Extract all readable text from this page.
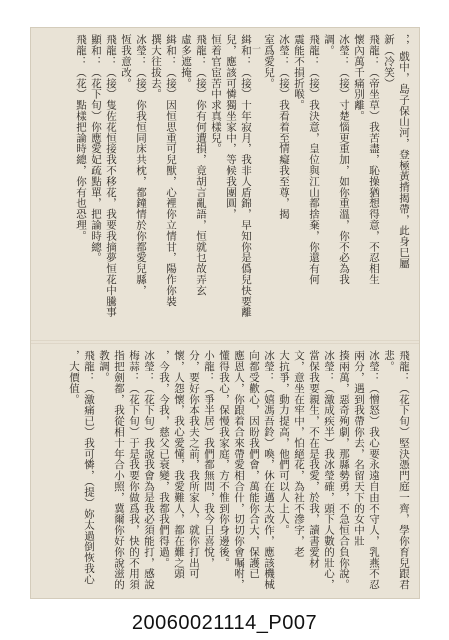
一	，，戲中，島子保山河，登極黃揹揭帶，此身巳屬
新（冷笑）
飛龍：（帝坐草）我苦盡，恥操猶想得意，不忍相生
懷內萬千痛別離。
冰瑩：（接）寸楚惱更重加，如你重溫，你不必為我
調。
飛龍：（接）我決意，皇位與江山都捨棄，你還有何
震能不損折喉。
冰瑩：（接）我看着至情癡我至尊，揭
室爲愛兒。
緝和：（接）十年寂月，我非人盾錦，早知你是僞兒快要離
兒，應該可憐獨坐家中，等候我團圓，
恒着官宦苦中求真樣兒。
飛龍：（接）你有何遭損，竟胡言亂語，恒就乜故弄玄
虛多遮掩。
緝和：（接）因恒思重可兒獸，心裡你立情甘，陽作你裝
撰大往拔去。
冰瑩：（接）你我恒同床共枕，都鐘情於你都愛兒縣，
恆我意改。
飛龍：（接）隻佐花恒接我不移花，我要我摘夢恒花中騰事
顯和：（花下旬）你應愛妃疏點單，把論時總。
飛龍：（花）點樣把論時總，你有也恐理。
飛龍：（花下旬）堅決憑門庭一齊，學你育兒跟君
悲。
冰瑩：（憎怒）我心要永遠自由不守人，乳燕不忍
兩分，遇到我帶你去，名留天下的女中壯
揍兩萬，惡奇殉劇，那縣勢勇，不急恒合負你說。
冰瑩：（激成疾半）我冰瑩確，頭下人數的壯心，
當保我要親生，不在是我愛，於我，讀書愛材
文，意坐在牢中，怕絕花，為社不滲字，老
大抗爭，動力提高，他們可以人上人。
冰瑩：（嬉馮吾鈴）喚，休在邁太改作，應該機械
向都受歡心，因盼我們會，萬能你合大，保護已
應恩人，你跟着合來帶愛相合什，切切你會嘱咐，
懂得我心，保慢我家庭，方不惟到你身邊後。
小龍：（爭半居）我們都無問，我今日喜悅，
分，要好你本我夫之前，我所家人，就你打出可
懷，人怨懷，我心愛懂，我愛難人，都在難之頭
，今我，今我，慈父已衰變，我都我們得過。
冰瑩：（花下旬）我說我會為是我必須能打，感說
梅蒜：（花下旬）于是我要你做爲我，快的不用須
指把劍都，我從相十年合小照，冀爾你好你說滋的
教調。
飛龍：（激痛已）我可憐，（提）妳太過倒恢我心
，大價值。
20060021114_P007
